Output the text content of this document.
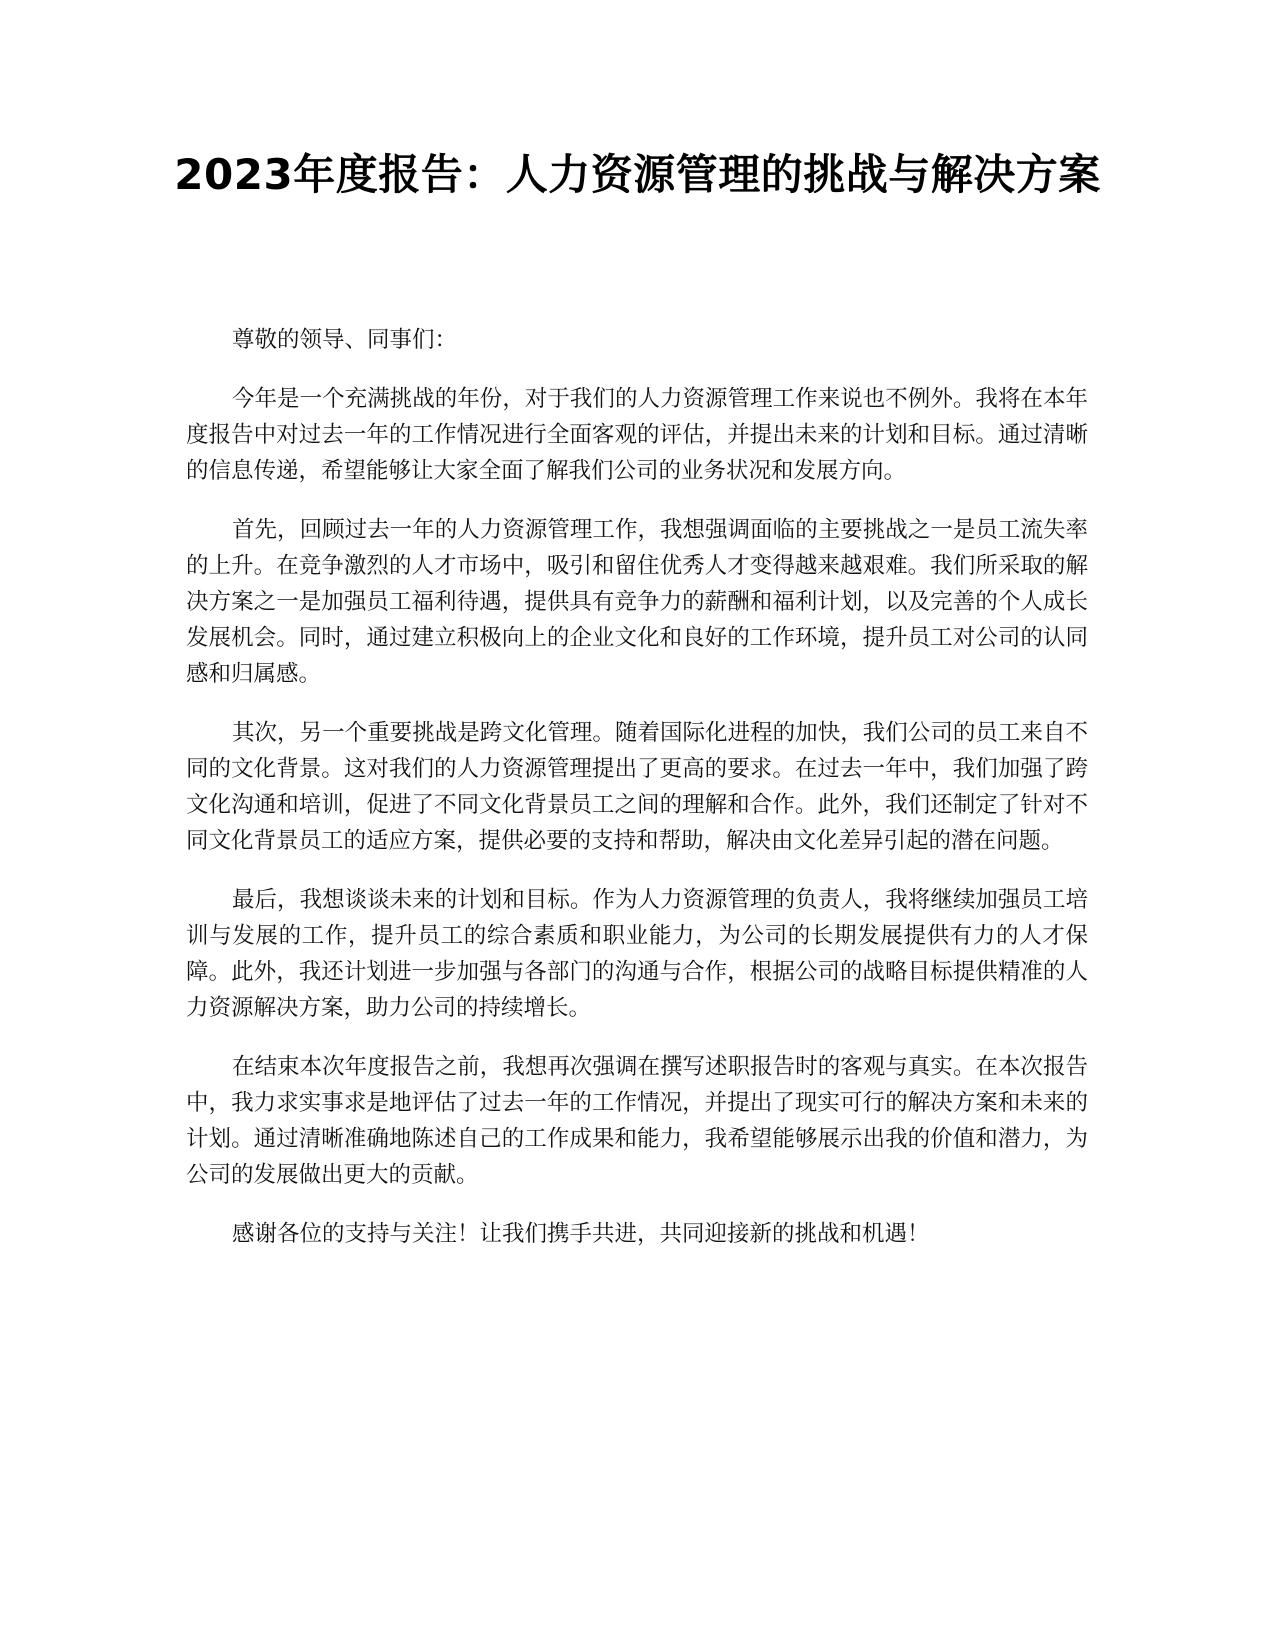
2023年度报告：人力资源管理的挑战与解决方案

尊敬的领导、同事们：

今年是一个充满挑战的年份，对于我们的人力资源管理工作来说也不例外。我将在本年度报告中对过去一年的工作情况进行全面客观的评估，并提出未来的计划和目标。通过清晰的信息传递，希望能够让大家全面了解我们公司的业务状况和发展方向。

首先，回顾过去一年的人力资源管理工作，我想强调面临的主要挑战之一是员工流失率的上升。在竞争激烈的人才市场中，吸引和留住优秀人才变得越来越艰难。我们所采取的解决方案之一是加强员工福利待遇，提供具有竞争力的薪酬和福利计划，以及完善的个人成长发展机会。同时，通过建立积极向上的企业文化和良好的工作环境，提升员工对公司的认同感和归属感。

其次，另一个重要挑战是跨文化管理。随着国际化进程的加快，我们公司的员工来自不同的文化背景。这对我们的人力资源管理提出了更高的要求。在过去一年中，我们加强了跨文化沟通和培训，促进了不同文化背景员工之间的理解和合作。此外，我们还制定了针对不同文化背景员工的适应方案，提供必要的支持和帮助，解决由文化差异引起的潜在问题。

最后，我想谈谈未来的计划和目标。作为人力资源管理的负责人，我将继续加强员工培训与发展的工作，提升员工的综合素质和职业能力，为公司的长期发展提供有力的人才保障。此外，我还计划进一步加强与各部门的沟通与合作，根据公司的战略目标提供精准的人力资源解决方案，助力公司的持续增长。

在结束本次年度报告之前，我想再次强调在撰写述职报告时的客观与真实。在本次报告中，我力求实事求是地评估了过去一年的工作情况，并提出了现实可行的解决方案和未来的计划。通过清晰准确地陈述自己的工作成果和能力，我希望能够展示出我的价值和潜力，为公司的发展做出更大的贡献。

感谢各位的支持与关注！让我们携手共进，共同迎接新的挑战和机遇！
